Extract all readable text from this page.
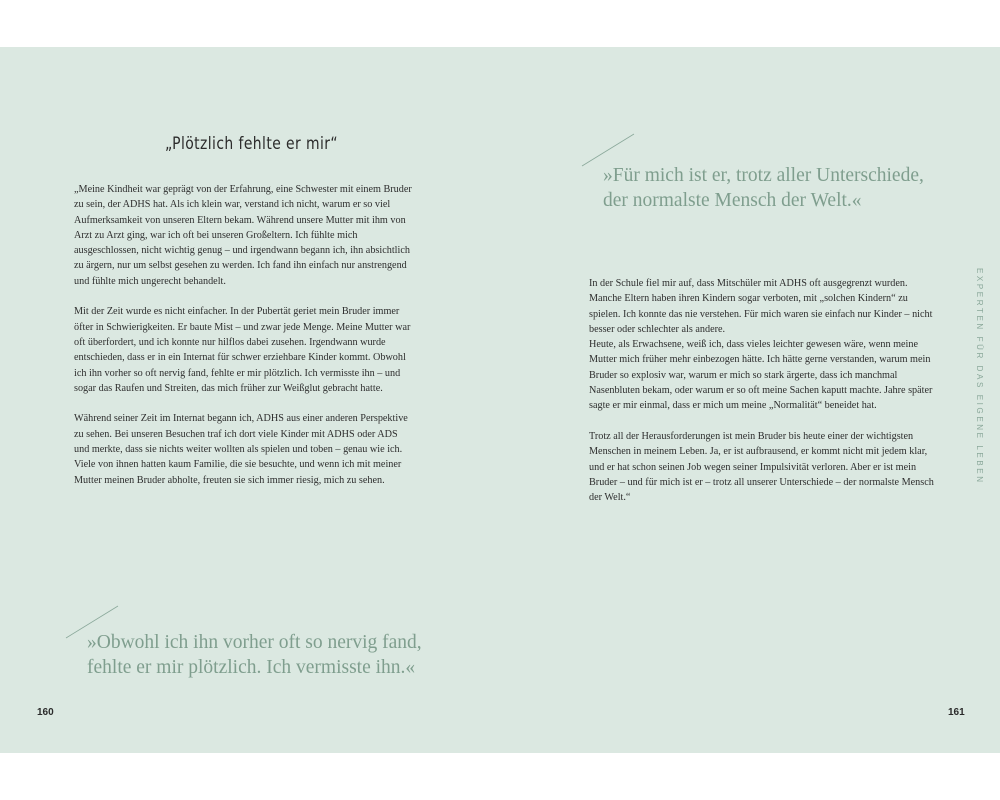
„Plötzlich fehlte er mir“

„Meine Kindheit war geprägt von der Erfahrung, eine Schwester mit einem Bruder zu sein, der ADHS hat. Als ich klein war, verstand ich nicht, warum er so viel Aufmerksamkeit von unseren Eltern bekam. Während unsere Mutter mit ihm von Arzt zu Arzt ging, war ich oft bei unseren Großeltern. Ich fühlte mich ausgeschlossen, nicht wichtig genug – und irgendwann begann ich, ihn absichtlich zu ärgern, nur um selbst gesehen zu werden. Ich fand ihn einfach nur anstrengend und fühlte mich ungerecht behandelt.

Mit der Zeit wurde es nicht einfacher. In der Pubertät geriet mein Bruder immer öfter in Schwierigkeiten. Er baute Mist – und zwar jede Menge. Meine Mutter war oft überfordert, und ich konnte nur hilflos dabei zusehen. Irgendwann wurde entschieden, dass er in ein Internat für schwer erziehbare Kinder kommt. Obwohl ich ihn vorher so oft nervig fand, fehlte er mir plötzlich. Ich vermisste ihn – und sogar das Raufen und Streiten, das mich früher zur Weißglut gebracht hatte.

Während seiner Zeit im Internat begann ich, ADHS aus einer anderen Perspektive zu sehen. Bei unseren Besuchen traf ich dort viele Kinder mit ADHS oder ADS und merkte, dass sie nichts weiter wollten als spielen und toben – genau wie ich. Viele von ihnen hatten kaum Familie, die sie besuchte, und wenn ich mit meiner Mutter meinen Bruder abholte, freuten sie sich immer riesig, mich zu sehen.

»Obwohl ich ihn vorher oft so nervig fand,
fehlte er mir plötzlich. Ich vermisste ihn.«
160
»Für mich ist er, trotz aller Unterschiede,
der normalste Mensch der Welt.«

In der Schule fiel mir auf, dass Mitschüler mit ADHS oft ausgegrenzt wurden. Manche Eltern haben ihren Kindern sogar verboten, mit „solchen Kindern“ zu spielen. Ich konnte das nie verstehen. Für mich waren sie einfach nur Kinder – nicht besser oder schlechter als andere.

Heute, als Erwachsene, weiß ich, dass vieles leichter gewesen wäre, wenn meine Mutter mich früher mehr einbezogen hätte. Ich hätte gerne verstanden, warum mein Bruder so explosiv war, warum er mich so stark ärgerte, dass ich manchmal Nasenbluten bekam, oder warum er so oft meine Sachen kaputt machte. Jahre später sagte er mir einmal, dass er mich um meine „Normalität“ beneidet hat.

Trotz all der Herausforderungen ist mein Bruder bis heute einer der wichtigsten Menschen in meinem Leben. Ja, er ist aufbrausend, er kommt nicht mit jedem klar, und er hat schon seinen Job wegen seiner Impulsivität verloren. Aber er ist mein Bruder – und für mich ist er – trotz all unserer Unterschiede – der normalste Mensch der Welt.“

EXPERTEN FÜR DAS EIGENE LEBEN
161
